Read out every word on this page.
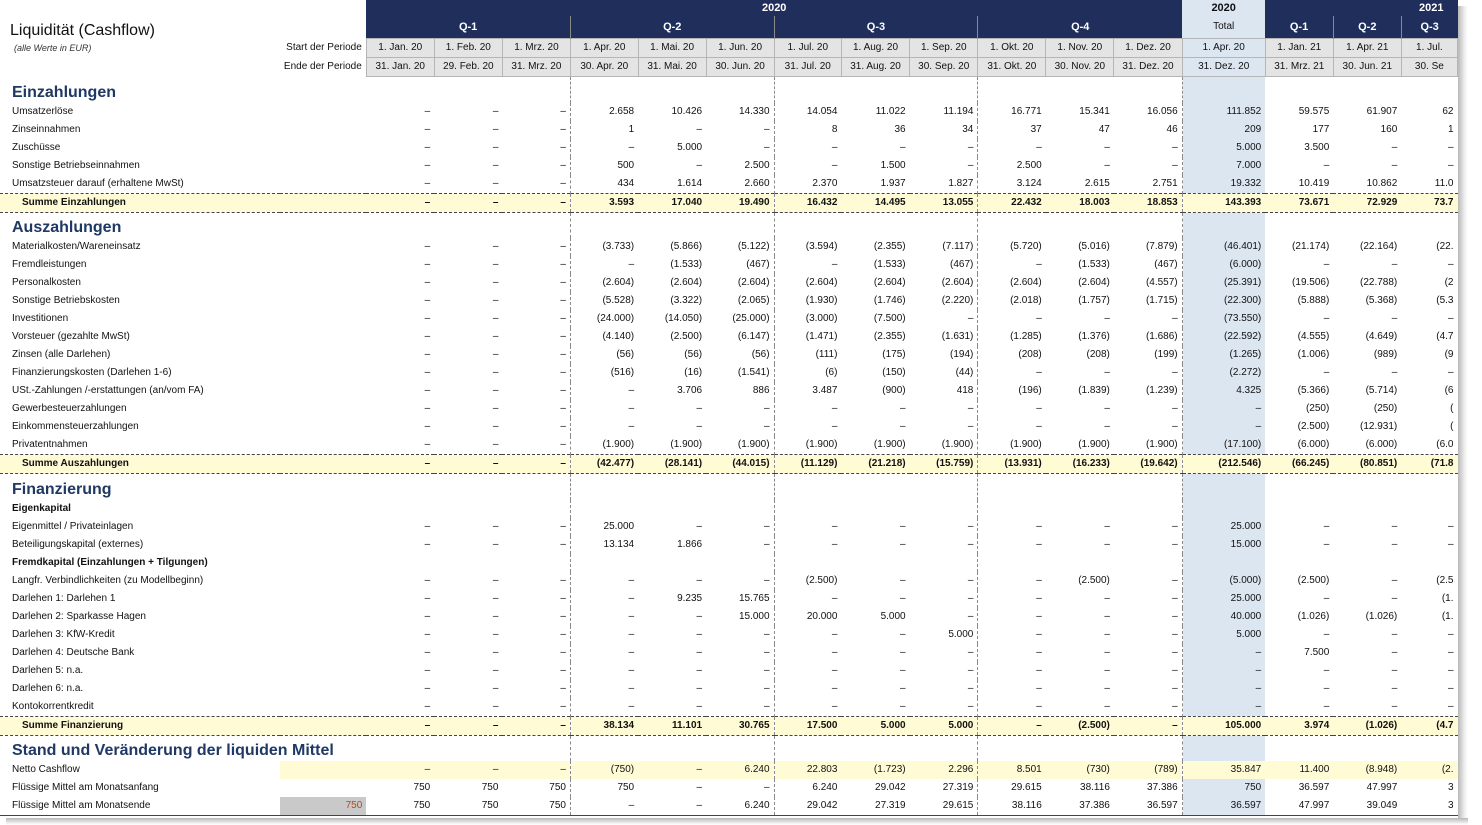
Liquidität (Cashflow)		2020												2020	2021		
		Q-1			Q-2			Q-3			Q-4			Total	Q-1	Q-2	Q-3
(alle Werte in EUR)	Start der Periode	1. Jan. 20	1. Feb. 20	1. Mrz. 20	1. Apr. 20	1. Mai. 20	1. Jun. 20	1. Jul. 20	1. Aug. 20	1. Sep. 20	1. Okt. 20	1. Nov. 20	1. Dez. 20	1. Apr. 20	1. Jan. 21	1. Apr. 21	1. Jul.
	Ende der Periode	31. Jan. 20	29. Feb. 20	31. Mrz. 20	30. Apr. 20	31. Mai. 20	30. Jun. 20	31. Jul. 20	31. Aug. 20	30. Sep. 20	31. Okt. 20	30. Nov. 20	31. Dez. 20	31. Dez. 20	31. Mrz. 21	30. Jun. 21	30. Se
Einzahlungen																	
Umsatzerlöse		–	–	–	2.658	10.426	14.330	14.054	11.022	11.194	16.771	15.341	16.056	111.852	59.575	61.907	62
Zinseinnahmen		–	–	–	1	–	–	8	36	34	37	47	46	209	177	160	1
Zuschüsse		–	–	–	–	5.000	–	–	–	–	–	–	–	5.000	3.500	–	–
Sonstige Betriebseinnahmen		–	–	–	500	–	2.500	–	1.500	–	2.500	–	–	7.000	–	–	–
Umsatzsteuer darauf (erhaltene MwSt)		–	–	–	434	1.614	2.660	2.370	1.937	1.827	3.124	2.615	2.751	19.332	10.419	10.862	11.0
Summe Einzahlungen		–	–	–	3.593	17.040	19.490	16.432	14.495	13.055	22.432	18.003	18.853	143.393	73.671	72.929	73.7
Auszahlungen																	
Materialkosten/Wareneinsatz		–	–	–	(3.733)	(5.866)	(5.122)	(3.594)	(2.355)	(7.117)	(5.720)	(5.016)	(7.879)	(46.401)	(21.174)	(22.164)	(22.
Fremdleistungen		–	–	–	–	(1.533)	(467)	–	(1.533)	(467)	–	(1.533)	(467)	(6.000)	–	–	–
Personalkosten		–	–	–	(2.604)	(2.604)	(2.604)	(2.604)	(2.604)	(2.604)	(2.604)	(2.604)	(4.557)	(25.391)	(19.506)	(22.788)	(2
Sonstige Betriebskosten		–	–	–	(5.528)	(3.322)	(2.065)	(1.930)	(1.746)	(2.220)	(2.018)	(1.757)	(1.715)	(22.300)	(5.888)	(5.368)	(5.3
Investitionen		–	–	–	(24.000)	(14.050)	(25.000)	(3.000)	(7.500)	–	–	–	–	(73.550)	–	–	–
Vorsteuer (gezahlte MwSt)		–	–	–	(4.140)	(2.500)	(6.147)	(1.471)	(2.355)	(1.631)	(1.285)	(1.376)	(1.686)	(22.592)	(4.555)	(4.649)	(4.7
Zinsen (alle Darlehen)		–	–	–	(56)	(56)	(56)	(111)	(175)	(194)	(208)	(208)	(199)	(1.265)	(1.006)	(989)	(9
Finanzierungskosten (Darlehen 1-6)		–	–	–	(516)	(16)	(1.541)	(6)	(150)	(44)	–	–	–	(2.272)	–	–	–
USt.-Zahlungen /-erstattungen (an/vom FA)		–	–	–	–	3.706	886	3.487	(900)	418	(196)	(1.839)	(1.239)	4.325	(5.366)	(5.714)	(6
Gewerbesteuerzahlungen		–	–	–	–	–	–	–	–	–	–	–	–	–	(250)	(250)	(
Einkommensteuerzahlungen		–	–	–	–	–	–	–	–	–	–	–	–	–	(2.500)	(12.931)	(
Privatentnahmen		–	–	–	(1.900)	(1.900)	(1.900)	(1.900)	(1.900)	(1.900)	(1.900)	(1.900)	(1.900)	(17.100)	(6.000)	(6.000)	(6.0
Summe Auszahlungen		–	–	–	(42.477)	(28.141)	(44.015)	(11.129)	(21.218)	(15.759)	(13.931)	(16.233)	(19.642)	(212.546)	(66.245)	(80.851)	(71.8
Finanzierung																	
Eigenkapital																	
Eigenmittel / Privateinlagen		–	–	–	25.000	–	–	–	–	–	–	–	–	25.000	–	–	–
Beteiligungskapital (externes)		–	–	–	13.134	1.866	–	–	–	–	–	–	–	15.000	–	–	–
Fremdkapital (Einzahlungen + Tilgungen)																	
Langfr. Verbindlichkeiten (zu Modellbeginn)		–	–	–	–	–	–	(2.500)	–	–	–	(2.500)	–	(5.000)	(2.500)	–	(2.5
Darlehen 1: Darlehen 1		–	–	–	–	9.235	15.765	–	–	–	–	–	–	25.000	–	–	(1.
Darlehen 2: Sparkasse Hagen		–	–	–	–	–	15.000	20.000	5.000	–	–	–	–	40.000	(1.026)	(1.026)	(1.
Darlehen 3: KfW-Kredit		–	–	–	–	–	–	–	–	5.000	–	–	–	5.000	–	–	–
Darlehen 4: Deutsche Bank		–	–	–	–	–	–	–	–	–	–	–	–	–	7.500	–	–
Darlehen 5: n.a.		–	–	–	–	–	–	–	–	–	–	–	–	–	–	–	–
Darlehen 6: n.a.		–	–	–	–	–	–	–	–	–	–	–	–	–	–	–	–
Kontokorrentkredit		–	–	–	–	–	–	–	–	–	–	–	–	–	–	–	–
Summe Finanzierung		–	–	–	38.134	11.101	30.765	17.500	5.000	5.000	–	(2.500)	–	105.000	3.974	(1.026)	(4.7
Stand und Veränderung der liquiden Mittel																	
Netto Cashflow		–	–	–	(750)	–	6.240	22.803	(1.723)	2.296	8.501	(730)	(789)	35.847	11.400	(8.948)	(2.
Flüssige Mittel am Monatsanfang		750	750	750	750	–	–	6.240	29.042	27.319	29.615	38.116	37.386	750	36.597	47.997	3
Flüssige Mittel am Monatsende	750	750	750	750	–	–	6.240	29.042	27.319	29.615	38.116	37.386	36.597	36.597	47.997	39.049	3
